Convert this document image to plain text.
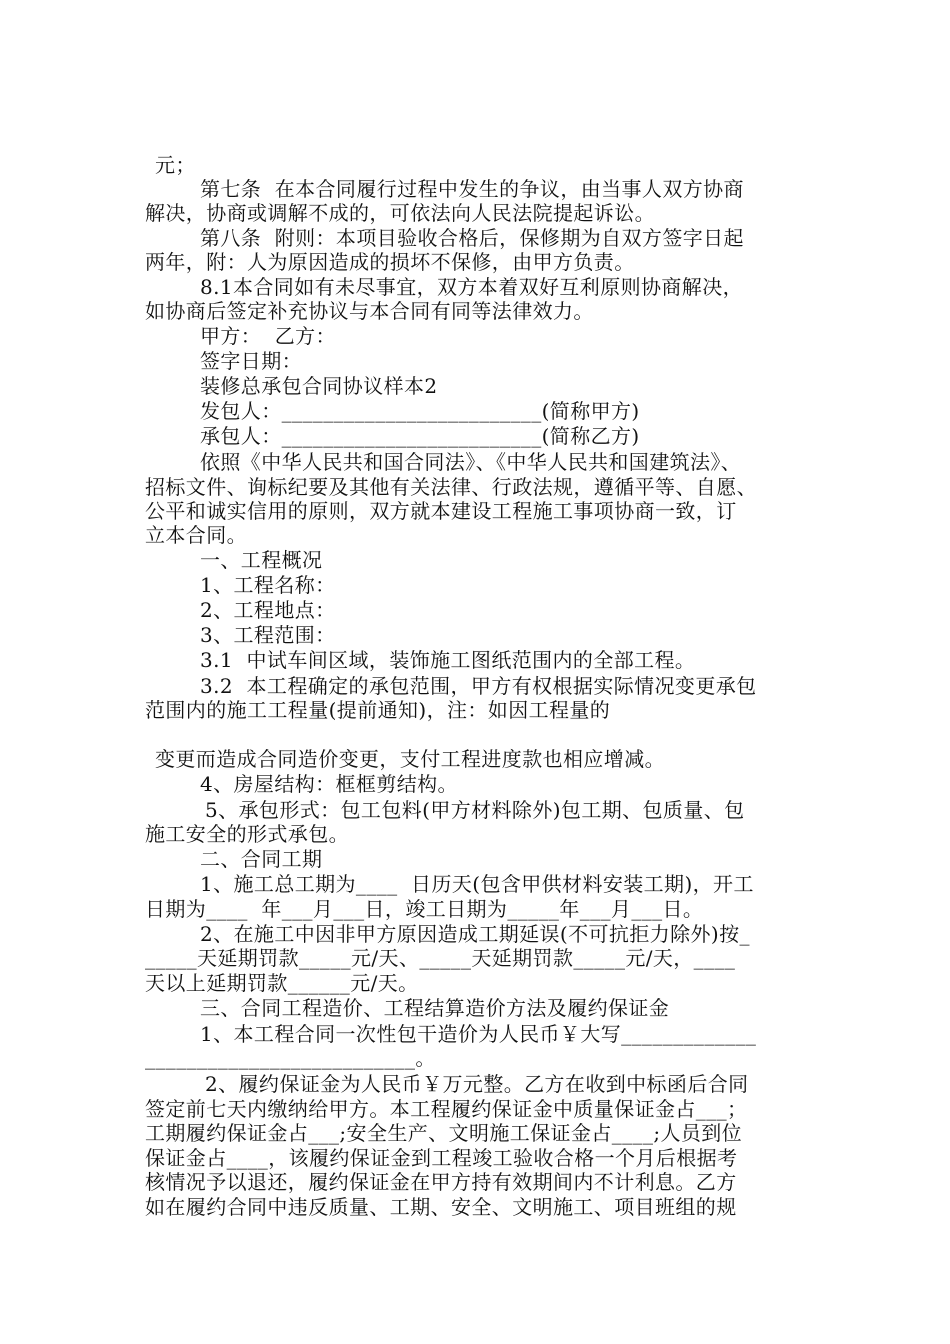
元；
第七条  在本合同履行过程中发生的争议，由当事人双方协商
解决，协商或调解不成的，可依法向人民法院提起诉讼。
第八条  附则：本项目验收合格后，保修期为自双方签字日起
两年，附：人为原因造成的损坏不保修，由甲方负责。
8.1本合同如有未尽事宜，双方本着双好互利原则协商解决，
如协商后签定补充协议与本合同有同等法律效力。
甲方：  乙方：
签字日期：
装修总承包合同协议样本2
发包人：_________________________(简称甲方)
承包人：_________________________(简称乙方)
依照《中华人民共和国合同法》、《中华人民共和国建筑法》、
招标文件、询标纪要及其他有关法律、行政法规，遵循平等、自愿、
公平和诚实信用的原则，双方就本建设工程施工事项协商一致，订
立本合同。
一、工程概况
1、工程名称：
2、工程地点：
3、工程范围：
3.1  中试车间区域，装饰施工图纸范围内的全部工程。
3.2  本工程确定的承包范围，甲方有权根据实际情况变更承包
范围内的施工工程量(提前通知)，注：如因工程量的
变更而造成合同造价变更，支付工程进度款也相应增减。
4、房屋结构：框框剪结构。
5、承包形式：包工包料(甲方材料除外)包工期、包质量、包
施工安全的形式承包。
二、合同工期
1、施工总工期为____  日历天(包含甲供材料安装工期)，开工
日期为____  年___月___日，竣工日期为_____年___月___日。
2、在施工中因非甲方原因造成工期延误(不可抗拒力除外)按_
_____天延期罚款_____元/天、_____天延期罚款_____元/天，____
天以上延期罚款______元/天。
三、合同工程造价、工程结算造价方法及履约保证金
1、本工程合同一次性包干造价为人民币￥大写_____________
__________________________。
2、履约保证金为人民币￥万元整。乙方在收到中标函后合同
签定前七天内缴纳给甲方。本工程履约保证金中质量保证金占___；
工期履约保证金占___;安全生产、文明施工保证金占____;人员到位
保证金占____，该履约保证金到工程竣工验收合格一个月后根据考
核情况予以退还，履约保证金在甲方持有效期间内不计利息。乙方
如在履约合同中违反质量、工期、安全、文明施工、项目班组的规
